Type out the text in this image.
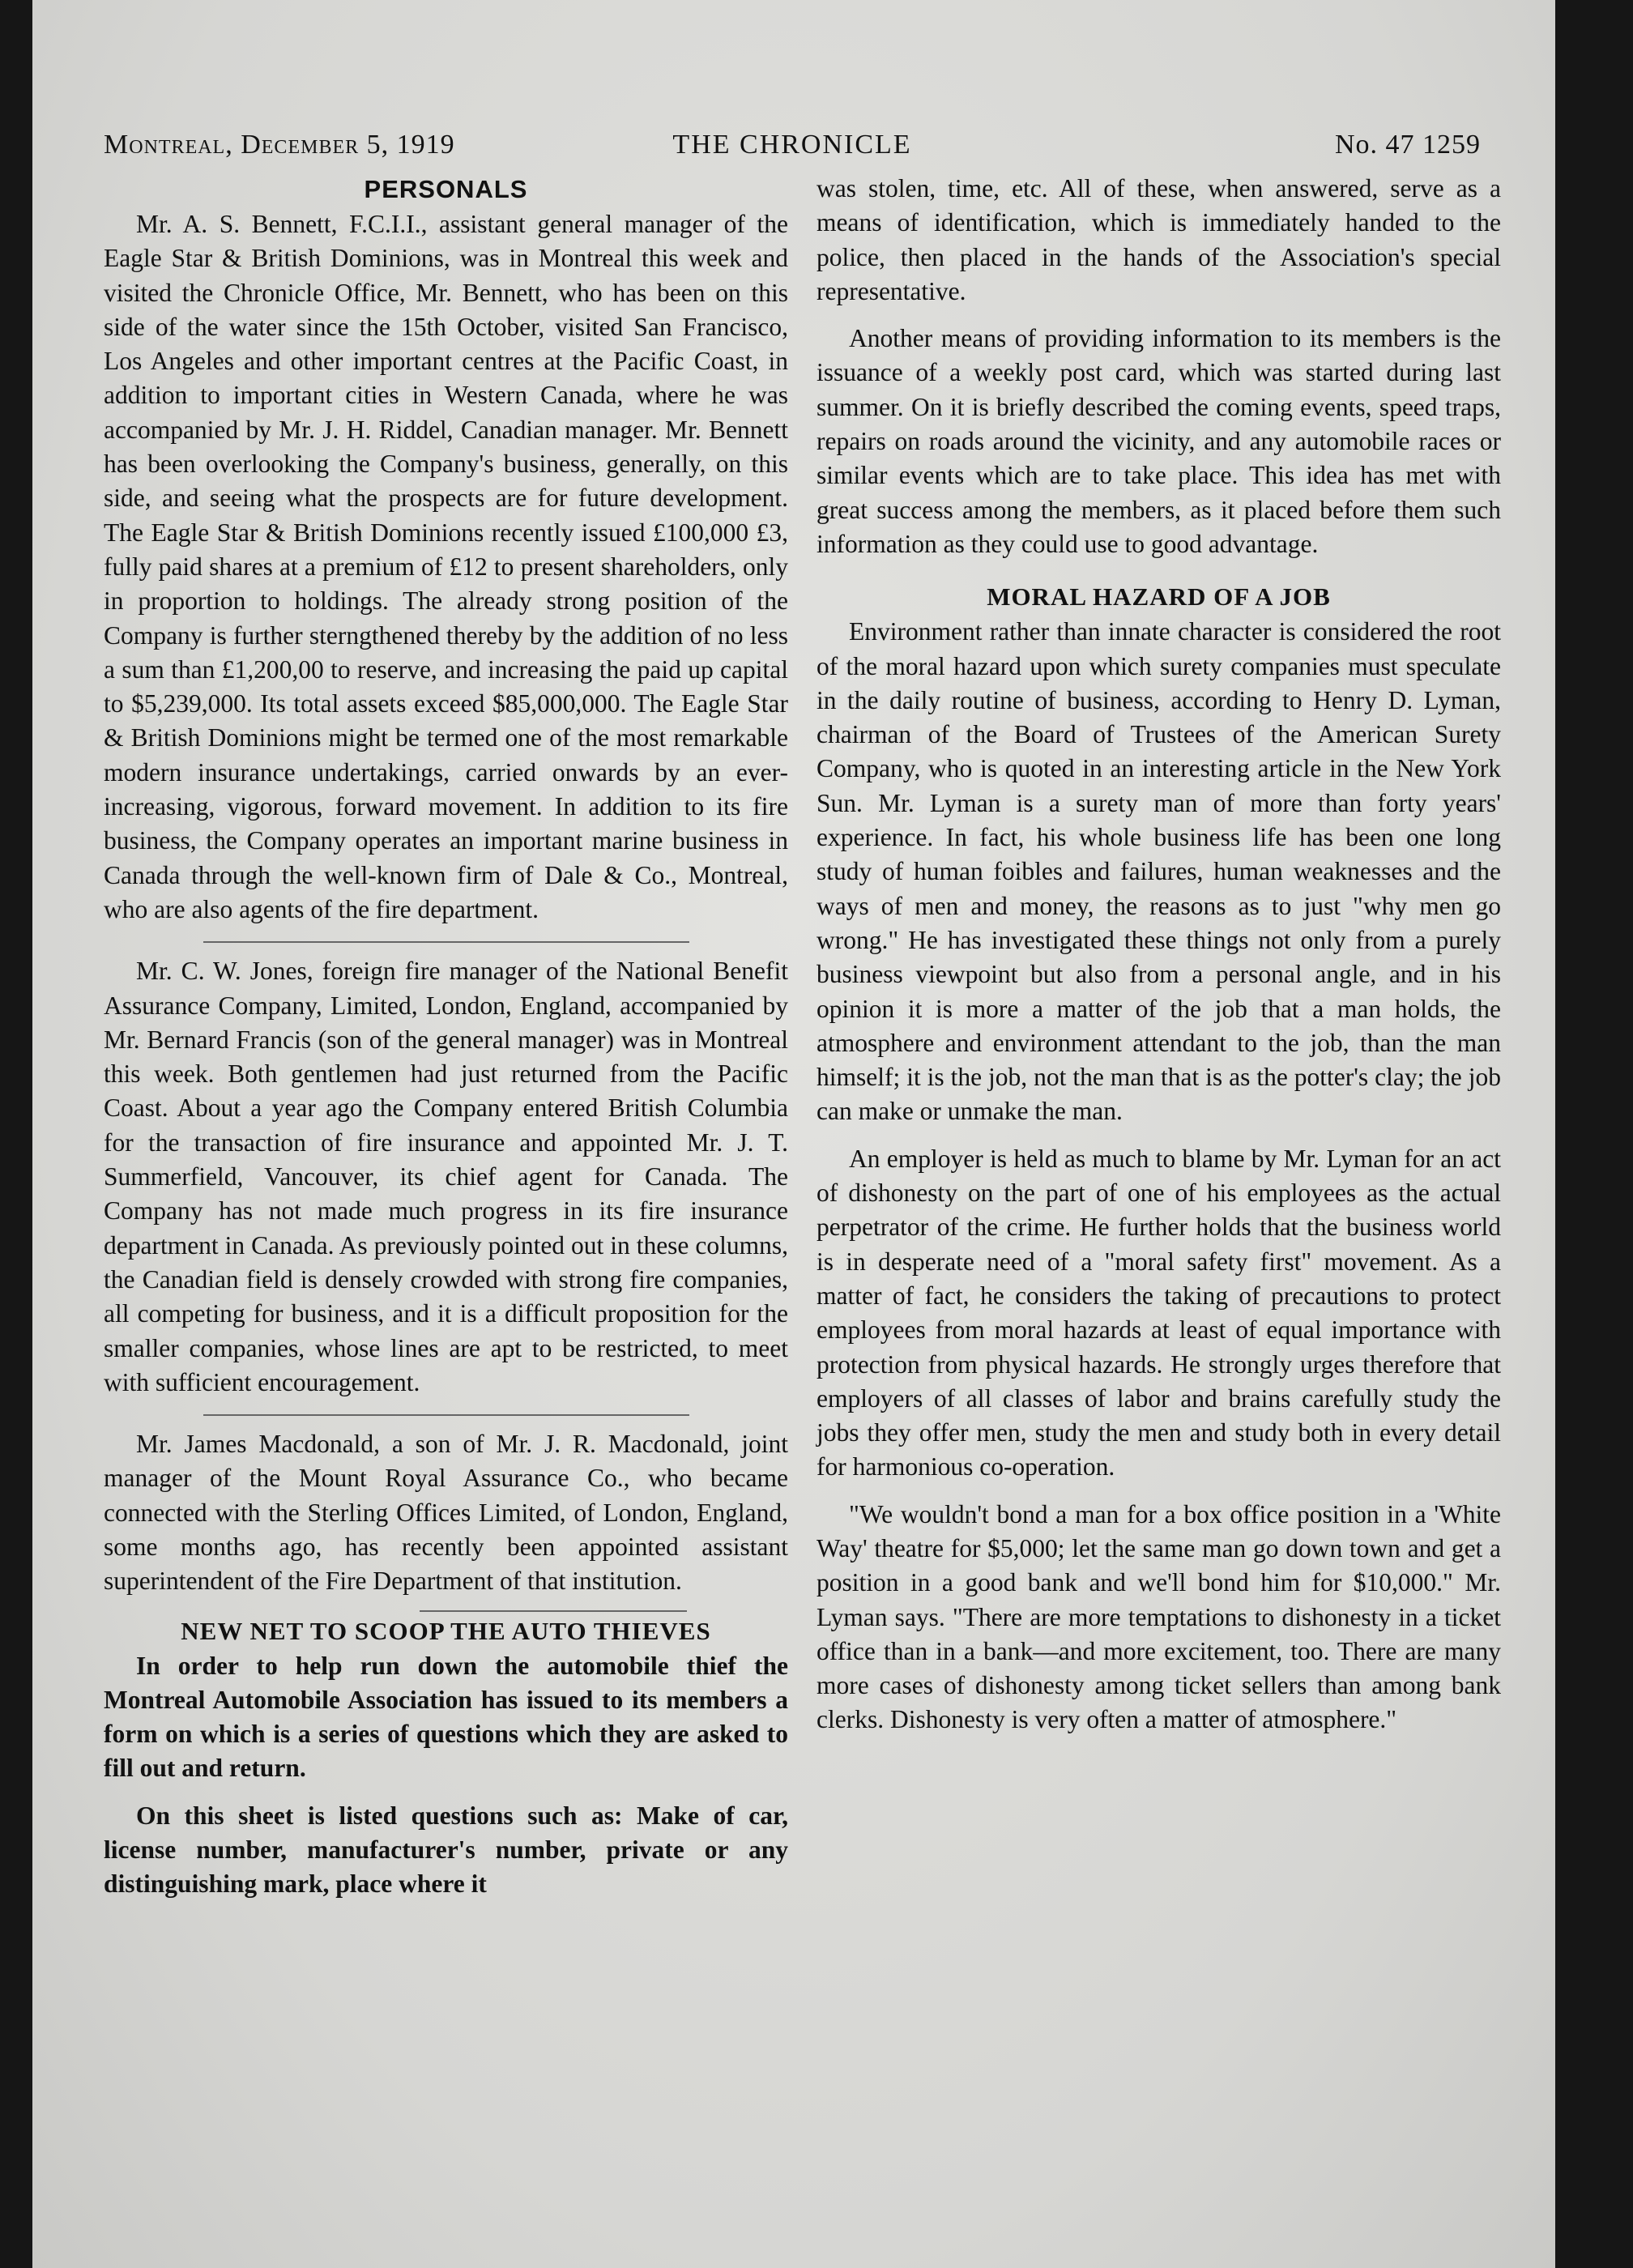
Montreal, December 5, 1919	THE CHRONICLE	No. 47 1259
PERSONALS

Mr. A. S. Bennett, F.C.I.I., assistant general manager of the Eagle Star & British Dominions, was in Montreal this week and visited the Chronicle Office, Mr. Bennett, who has been on this side of the water since the 15th October, visited San Francisco, Los Angeles and other important centres at the Pacific Coast, in addition to important cities in Western Canada, where he was accompanied by Mr. J. H. Riddel, Canadian manager. Mr. Bennett has been overlooking the Company's business, generally, on this side, and seeing what the prospects are for future development. The Eagle Star & British Dominions recently issued £100,000 £3, fully paid shares at a premium of £12 to present shareholders, only in proportion to holdings. The already strong position of the Company is further sterngthened thereby by the addition of no less a sum than £1,200,00 to reserve, and increasing the paid up capital to $5,239,000. Its total assets exceed $85,000,000. The Eagle Star & British Dominions might be termed one of the most remarkable modern insurance undertakings, carried onwards by an ever-increasing, vigorous, forward movement. In addition to its fire business, the Company operates an important marine business in Canada through the well-known firm of Dale & Co., Montreal, who are also agents of the fire department.

Mr. C. W. Jones, foreign fire manager of the National Benefit Assurance Company, Limited, London, England, accompanied by Mr. Bernard Francis (son of the general manager) was in Montreal this week. Both gentlemen had just returned from the Pacific Coast. About a year ago the Company entered British Columbia for the transaction of fire insurance and appointed Mr. J. T. Summerfield, Vancouver, its chief agent for Canada. The Company has not made much progress in its fire insurance department in Canada. As previously pointed out in these columns, the Canadian field is densely crowded with strong fire companies, all competing for business, and it is a difficult proposition for the smaller companies, whose lines are apt to be restricted, to meet with sufficient encouragement.

Mr. James Macdonald, a son of Mr. J. R. Macdonald, joint manager of the Mount Royal Assurance Co., who became connected with the Sterling Offices Limited, of London, England, some months ago, has recently been appointed assistant superintendent of the Fire Department of that institution.

NEW NET TO SCOOP THE AUTO THIEVES

In order to help run down the automobile thief the Montreal Automobile Association has issued to its members a form on which is a series of questions which they are asked to fill out and return.

On this sheet is listed questions such as: Make of car, license number, manufacturer's number, private or any distinguishing mark, place where it

was stolen, time, etc. All of these, when answered, serve as a means of identification, which is immediately handed to the police, then placed in the hands of the Association's special representative.

Another means of providing information to its members is the issuance of a weekly post card, which was started during last summer. On it is briefly described the coming events, speed traps, repairs on roads around the vicinity, and any automobile races or similar events which are to take place. This idea has met with great success among the members, as it placed before them such information as they could use to good advantage.

MORAL HAZARD OF A JOB

Environment rather than innate character is considered the root of the moral hazard upon which surety companies must speculate in the daily routine of business, according to Henry D. Lyman, chairman of the Board of Trustees of the American Surety Company, who is quoted in an interesting article in the New York Sun. Mr. Lyman is a surety man of more than forty years' experience. In fact, his whole business life has been one long study of human foibles and failures, human weaknesses and the ways of men and money, the reasons as to just "why men go wrong." He has investigated these things not only from a purely business viewpoint but also from a personal angle, and in his opinion it is more a matter of the job that a man holds, the atmosphere and environment attendant to the job, than the man himself; it is the job, not the man that is as the potter's clay; the job can make or unmake the man.

An employer is held as much to blame by Mr. Lyman for an act of dishonesty on the part of one of his employees as the actual perpetrator of the crime. He further holds that the business world is in desperate need of a "moral safety first" movement. As a matter of fact, he considers the taking of precautions to protect employees from moral hazards at least of equal importance with protection from physical hazards. He strongly urges therefore that employers of all classes of labor and brains carefully study the jobs they offer men, study the men and study both in every detail for harmonious co-operation.

"We wouldn't bond a man for a box office position in a 'White Way' theatre for $5,000; let the same man go down town and get a position in a good bank and we'll bond him for $10,000." Mr. Lyman says. "There are more temptations to dishonesty in a ticket office than in a bank—and more excitement, too. There are many more cases of dishonesty among ticket sellers than among bank clerks. Dishonesty is very often a matter of atmosphere."
